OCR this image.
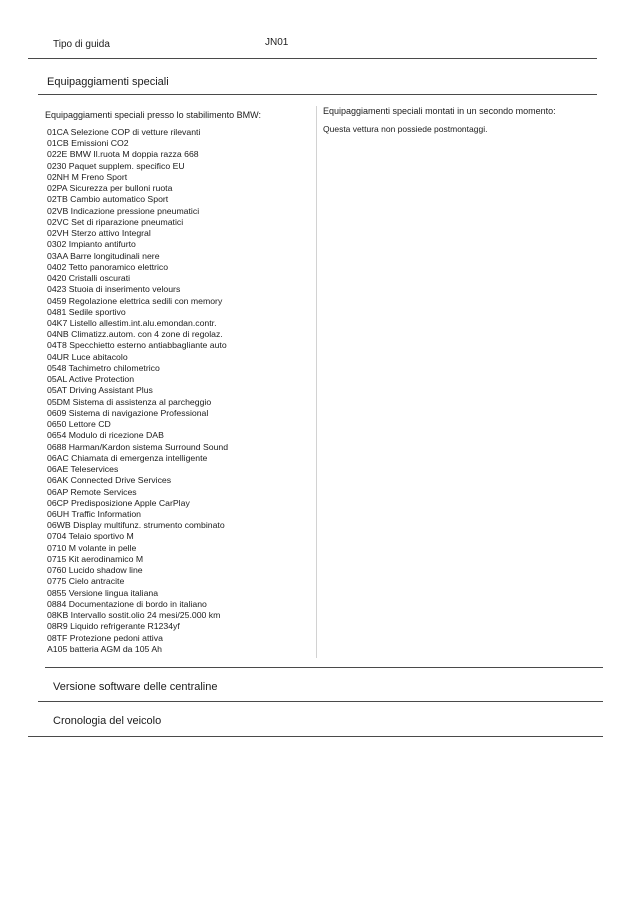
Tipo di guida	JN01
Equipaggiamenti speciali
Equipaggiamenti speciali presso lo stabilimento BMW:	Equipaggiamenti speciali montati in un secondo momento:
Questa vettura non possiede postmontaggi.
01CA Selezione COP di vetture rilevanti
01CB Emissioni CO2
022E BMW Il.ruota M doppia razza 668
0230 Paquet supplem. specifico EU
02NH M Freno Sport
02PA Sicurezza per bulloni ruota
02TB Cambio automatico Sport
02VB Indicazione pressione pneumatici
02VC Set di riparazione pneumatici
02VH Sterzo attivo Integral
0302 Impianto antifurto
03AA Barre longitudinali nere
0402 Tetto panoramico elettrico
0420 Cristalli oscurati
0423 Stuoia di inserimento velours
0459 Regolazione elettrica sedili con memory
0481 Sedile sportivo
04K7 Listello allestim.int.alu.emondan.contr.
04NB Climatizz.autom. con 4 zone di regolaz.
04T8 Specchietto esterno antiabbagliante auto
04UR Luce abitacolo
0548 Tachimetro chilometrico
05AL Active Protection
05AT Driving Assistant Plus
05DM Sistema di assistenza al parcheggio
0609 Sistema di navigazione Professional
0650 Lettore CD
0654 Modulo di ricezione DAB
0688 Harman/Kardon sistema Surround Sound
06AC Chiamata di emergenza intelligente
06AE Teleservices
06AK Connected Drive Services
06AP Remote Services
06CP Predisposizione Apple CarPlay
06UH Traffic Information
06WB Display multifunz. strumento combinato
0704 Telaio sportivo M
0710 M volante in pelle
0715 Kit aerodinamico M
0760 Lucido shadow line
0775 Cielo antracite
0855 Versione lingua italiana
0884 Documentazione di bordo in italiano
08KB Intervallo sostit.olio 24 mesi/25.000 km
08R9 Liquido refrigerante R1234yf
08TF Protezione pedoni attiva
A105 batteria AGM da 105 Ah
Versione software delle centraline
Cronologia del veicolo
